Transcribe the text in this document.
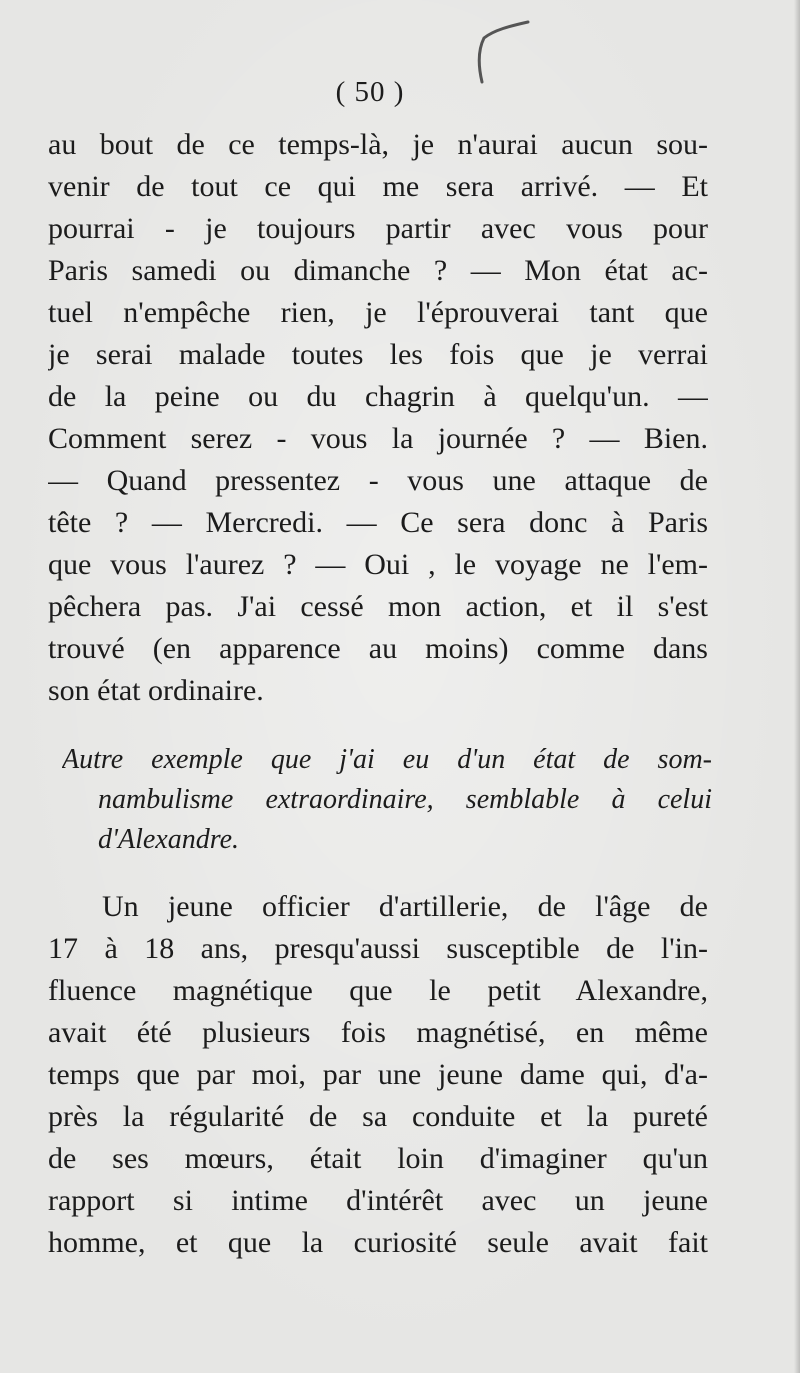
( 50 )
au bout de ce temps-là, je n'aurai aucun sou-
venir de tout ce qui me sera arrivé. — Et
pourrai - je toujours partir avec vous pour
Paris samedi ou dimanche ? — Mon état ac-
tuel n'empêche rien, je l'éprouverai tant que
je serai malade toutes les fois que je verrai
de la peine ou du chagrin à quelqu'un. —
Comment serez - vous la journée ? — Bien.
— Quand pressentez - vous une attaque de
tête ? — Mercredi. — Ce sera donc à Paris
que vous l'aurez ? — Oui , le voyage ne l'em-
pêchera pas. J'ai cessé mon action, et il s'est
trouvé (en apparence au moins) comme dans
son état ordinaire.
Autre exemple que j'ai eu d'un état de som-
nambulisme extraordinaire, semblable à celui
d'Alexandre.
Un jeune officier d'artillerie, de l'âge de
17 à 18 ans, presqu'aussi susceptible de l'in-
fluence magnétique que le petit Alexandre,
avait été plusieurs fois magnétisé, en même
temps que par moi, par une jeune dame qui, d'a-
près la régularité de sa conduite et la pureté
de ses mœurs, était loin d'imaginer qu'un
rapport si intime d'intérêt avec un jeune
homme, et que la curiosité seule avait fait
